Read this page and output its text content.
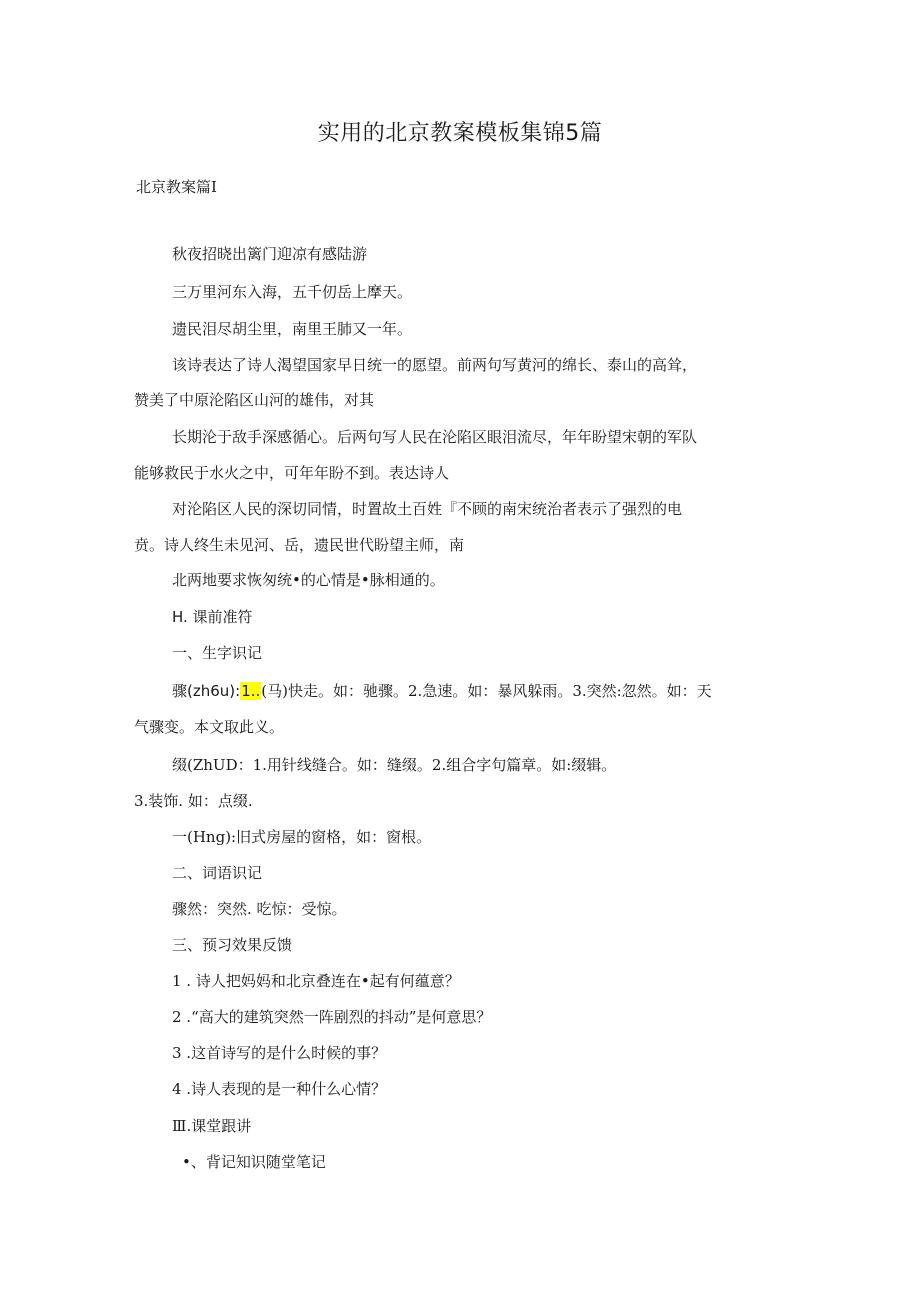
实用的北京教案模板集锦5篇
北京教案篇I
秋夜招晓出篱门迎凉有感陆游
三万里河东入海，五千仞岳上摩天。
遗民泪尽胡尘里，南里王肺又一年。
该诗表达了诗人渴望国家早日统一的愿望。前两句写黄河的绵长、泰山的高耸，
赞美了中原沦陷区山河的雄伟，对其
长期沦于敌手深感循心。后两句写人民在沦陷区眼泪流尽，年年盼望宋朝的军队
能够救民于水火之中，可年年盼不到。表达诗人
对沦陷区人民的深切同情，时置故土百姓『不顾的南宋统治者表示了强烈的电
贲。诗人终生未见河、岳，遗民世代盼望主师，南
北两地要求恢匆统•的心情是•脉相通的。
H. 课前准符
一、生字识记
骤(zh6u):1..(马)快走。如：驰骤。2.急速。如：暴风躲雨。3.突然:忽然。如：天
气骤变。本文取此义。
缀(ZhUD：1.用针线缝合。如：缝缀。2.组合字句篇章。如:缀辑。
3.装饰. 如：点缀.
一(Hng):旧式房屋的窗格，如：窗根。
二、词语识记
骤然：突然. 吃惊：受惊。
三、预习效果反馈
1 . 诗人把妈妈和北京叠连在•起有何蕴意？
2 .“高大的建筑突然一阵剧烈的抖动”是何意思？
3 .这首诗写的是什么时候的事？
4 .诗人表现的是一种什么心情？
Ⅲ.课堂跟讲
•、背记知识随堂笔记
